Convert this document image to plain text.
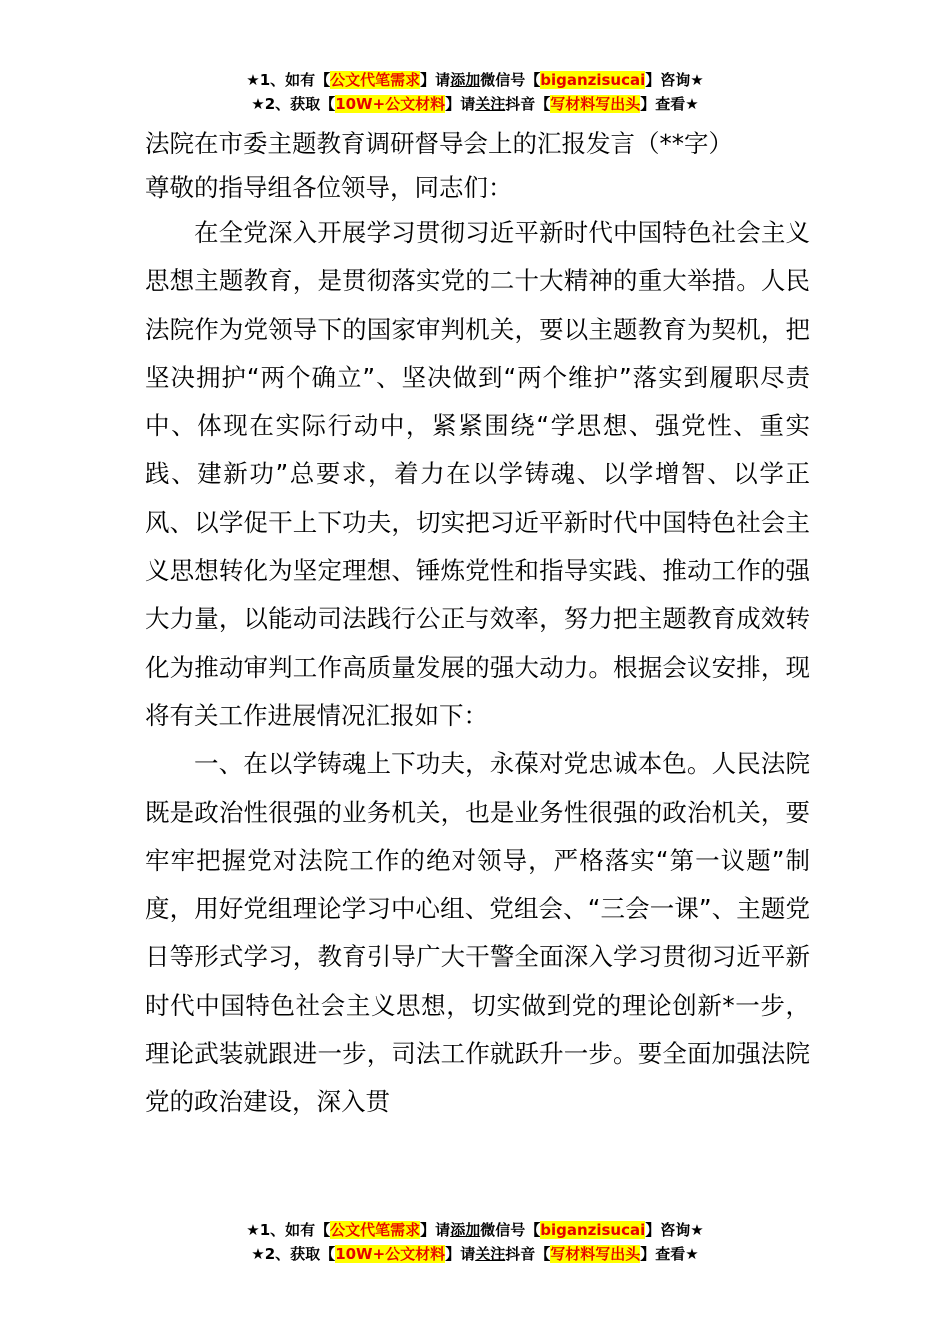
★1、如有【公文代笔需求】请添加微信号【biganzisucai】咨询★
★2、获取【10W+公文材料】请关注抖音【写材料写出头】查看★

法院在市委主题教育调研督导会上的汇报发言（**字）

尊敬的指导组各位领导，同志们：

在全党深入开展学习贯彻习近平新时代中国特色社会主义思想主题教育，是贯彻落实党的二十大精神的重大举措。人民法院作为党领导下的国家审判机关，要以主题教育为契机，把坚决拥护“两个确立”、坚决做到“两个维护”落实到履职尽责中、体现在实际行动中，紧紧围绕“学思想、强党性、重实践、建新功”总要求，着力在以学铸魂、以学增智、以学正风、以学促干上下功夫，切实把习近平新时代中国特色社会主义思想转化为坚定理想、锤炼党性和指导实践、推动工作的强大力量，以能动司法践行公正与效率，努力把主题教育成效转化为推动审判工作高质量发展的强大动力。根据会议安排，现将有关工作进展情况汇报如下：

一、在以学铸魂上下功夫，永葆对党忠诚本色。人民法院既是政治性很强的业务机关，也是业务性很强的政治机关，要牢牢把握党对法院工作的绝对领导，严格落实“第一议题”制度，用好党组理论学习中心组、党组会、“三会一课”、主题党日等形式学习，教育引导广大干警全面深入学习贯彻习近平新时代中国特色社会主义思想，切实做到党的理论创新*一步，理论武装就跟进一步，司法工作就跃升一步。要全面加强法院党的政治建设，深入贯

★1、如有【公文代笔需求】请添加微信号【biganzisucai】咨询★
★2、获取【10W+公文材料】请关注抖音【写材料写出头】查看★
